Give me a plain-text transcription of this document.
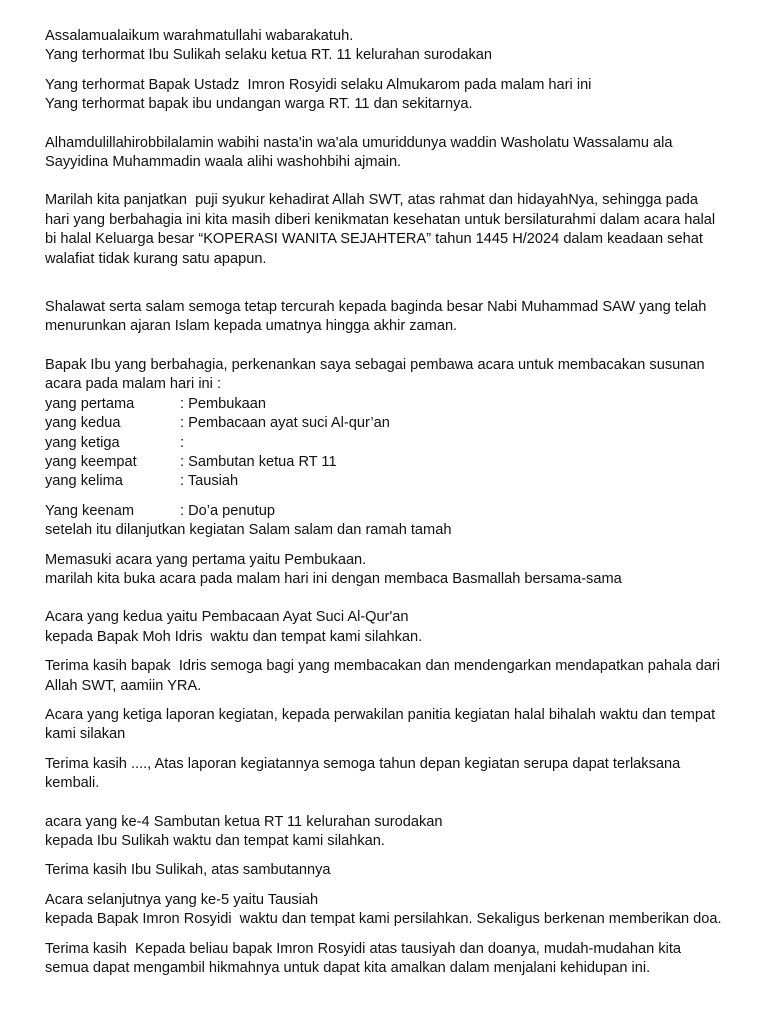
Assalamualaikum warahmatullahi wabarakatuh.
Yang terhormat Ibu Sulikah selaku ketua RT. 11 kelurahan surodakan
Yang terhormat Bapak Ustadz  Imron Rosyidi selaku Almukarom pada malam hari ini
Yang terhormat bapak ibu undangan warga RT. 11 dan sekitarnya.
Alhamdulillahirobbilalamin wabihi nasta'in wa'ala umuriddunya waddin Washolatu Wassalamu ala
Sayyidina Muhammadin waala alihi washohbihi ajmain.
Marilah kita panjatkan  puji syukur kehadirat Allah SWT, atas rahmat dan hidayahNya, sehingga pada
hari yang berbahagia ini kita masih diberi kenikmatan kesehatan untuk bersilaturahmi dalam acara halal
bi halal Keluarga besar “KOPERASI WANITA SEJAHTERA” tahun 1445 H/2024 dalam keadaan sehat
walafiat tidak kurang satu apapun.
Shalawat serta salam semoga tetap tercurah kepada baginda besar Nabi Muhammad SAW yang telah
menurunkan ajaran Islam kepada umatnya hingga akhir zaman.
Bapak Ibu yang berbahagia, perkenankan saya sebagai pembawa acara untuk membacakan susunan
acara pada malam hari ini :
yang pertama	: Pembukaan
yang kedua	: Pembacaan ayat suci Al-qur’an
yang ketiga	:
yang keempat	: Sambutan ketua RT 11
yang kelima	: Tausiah
Yang keenam	: Do’a penutup
setelah itu dilanjutkan kegiatan Salam salam dan ramah tamah
Memasuki acara yang pertama yaitu Pembukaan.
marilah kita buka acara pada malam hari ini dengan membaca Basmallah bersama-sama
Acara yang kedua yaitu Pembacaan Ayat Suci Al-Qur'an
kepada Bapak Moh Idris  waktu dan tempat kami silahkan.
Terima kasih bapak  Idris semoga bagi yang membacakan dan mendengarkan mendapatkan pahala dari
Allah SWT, aamiin YRA.
Acara yang ketiga laporan kegiatan, kepada perwakilan panitia kegiatan halal bihalah waktu dan tempat
kami silakan
Terima kasih ...., Atas laporan kegiatannya semoga tahun depan kegiatan serupa dapat terlaksana
kembali.
acara yang ke-4 Sambutan ketua RT 11 kelurahan surodakan
kepada Ibu Sulikah waktu dan tempat kami silahkan.
Terima kasih Ibu Sulikah, atas sambutannya
Acara selanjutnya yang ke-5 yaitu Tausiah
kepada Bapak Imron Rosyidi  waktu dan tempat kami persilahkan. Sekaligus berkenan memberikan doa.
Terima kasih  Kepada beliau bapak Imron Rosyidi atas tausiyah dan doanya, mudah-mudahan kita
semua dapat mengambil hikmahnya untuk dapat kita amalkan dalam menjalani kehidupan ini.
